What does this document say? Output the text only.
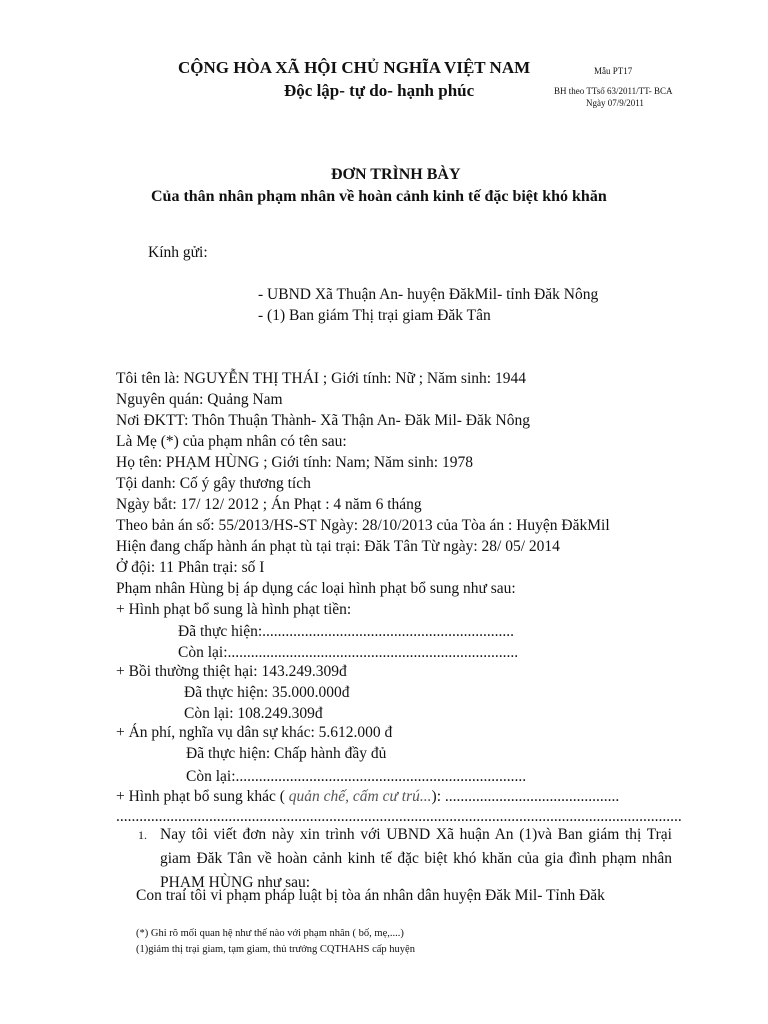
CỘNG HÒA XÃ HỘI CHỦ NGHĨA VIỆT NAM
Độc lập- tự do- hạnh phúc
Mẫu PT17
BH theo TTsố 63/2011/TT- BCA
Ngày 07/9/2011
ĐƠN TRÌNH BÀY
Của thân nhân phạm nhân về hoàn cảnh kinh tế đặc biệt khó khăn
Kính gửi:
- UBND Xã Thuận An- huyện ĐăkMil- tỉnh Đăk Nông
- (1) Ban giám Thị trại giam Đăk Tân
Tôi tên là: NGUYỄN THỊ THÁI ; Giới tính: Nữ ; Năm sinh: 1944
Nguyên quán: Quảng Nam
Nơi ĐKTT: Thôn Thuận Thành- Xã Thận An- Đăk Mil- Đăk Nông
Là Mẹ (*) của phạm nhân có tên sau:
Họ tên: PHẠM HÙNG ; Giới tính: Nam; Năm sinh: 1978
Tội danh: Cố ý gây thương tích
Ngày bắt: 17/ 12/ 2012 ; Án Phạt : 4 năm 6 tháng
Theo bản án số: 55/2013/HS-ST Ngày: 28/10/2013 của Tòa án : Huyện ĐăkMil
Hiện đang chấp hành án phạt tù tại trại: Đăk Tân Từ ngày: 28/ 05/ 2014
Ở đội: 11 Phân trại: số I
Phạm nhân Hùng bị áp dụng các loại hình phạt bổ sung như sau:
+ Hình phạt bổ sung là hình phạt tiền:
Đã thực hiện:.................................................................
Còn lại:...........................................................................
+ Bồi thường thiệt hại: 143.249.309đ
Đã thực hiện: 35.000.000đ
Còn lại: 108.249.309đ
+ Án phí, nghĩa vụ dân sự khác: 5.612.000 đ
Đã thực hiện: Chấp hành đầy đủ
Còn lại:...........................................................................
+ Hình phạt bổ sung khác ( quản chế, cấm cư trú...): .............................................
..................................................................................................................................................
1. Nay tôi viết đơn này xin trình với UBND Xã huận An (1)và Ban giám thị Trại giam Đăk Tân về hoàn cảnh kinh tế đặc biệt khó khăn của gia đình phạm nhân PHẠM HÙNG như sau:
Con trai tôi vi phạm pháp luật bị tòa án nhân dân huyện Đăk Mil- Tỉnh Đăk
(*) Ghi rõ mối quan hệ như thế nào với phạm nhân ( bố, mẹ,....)
(1)giám thị trại giam, tạm giam, thủ trưởng CQTHAHS cấp huyện
